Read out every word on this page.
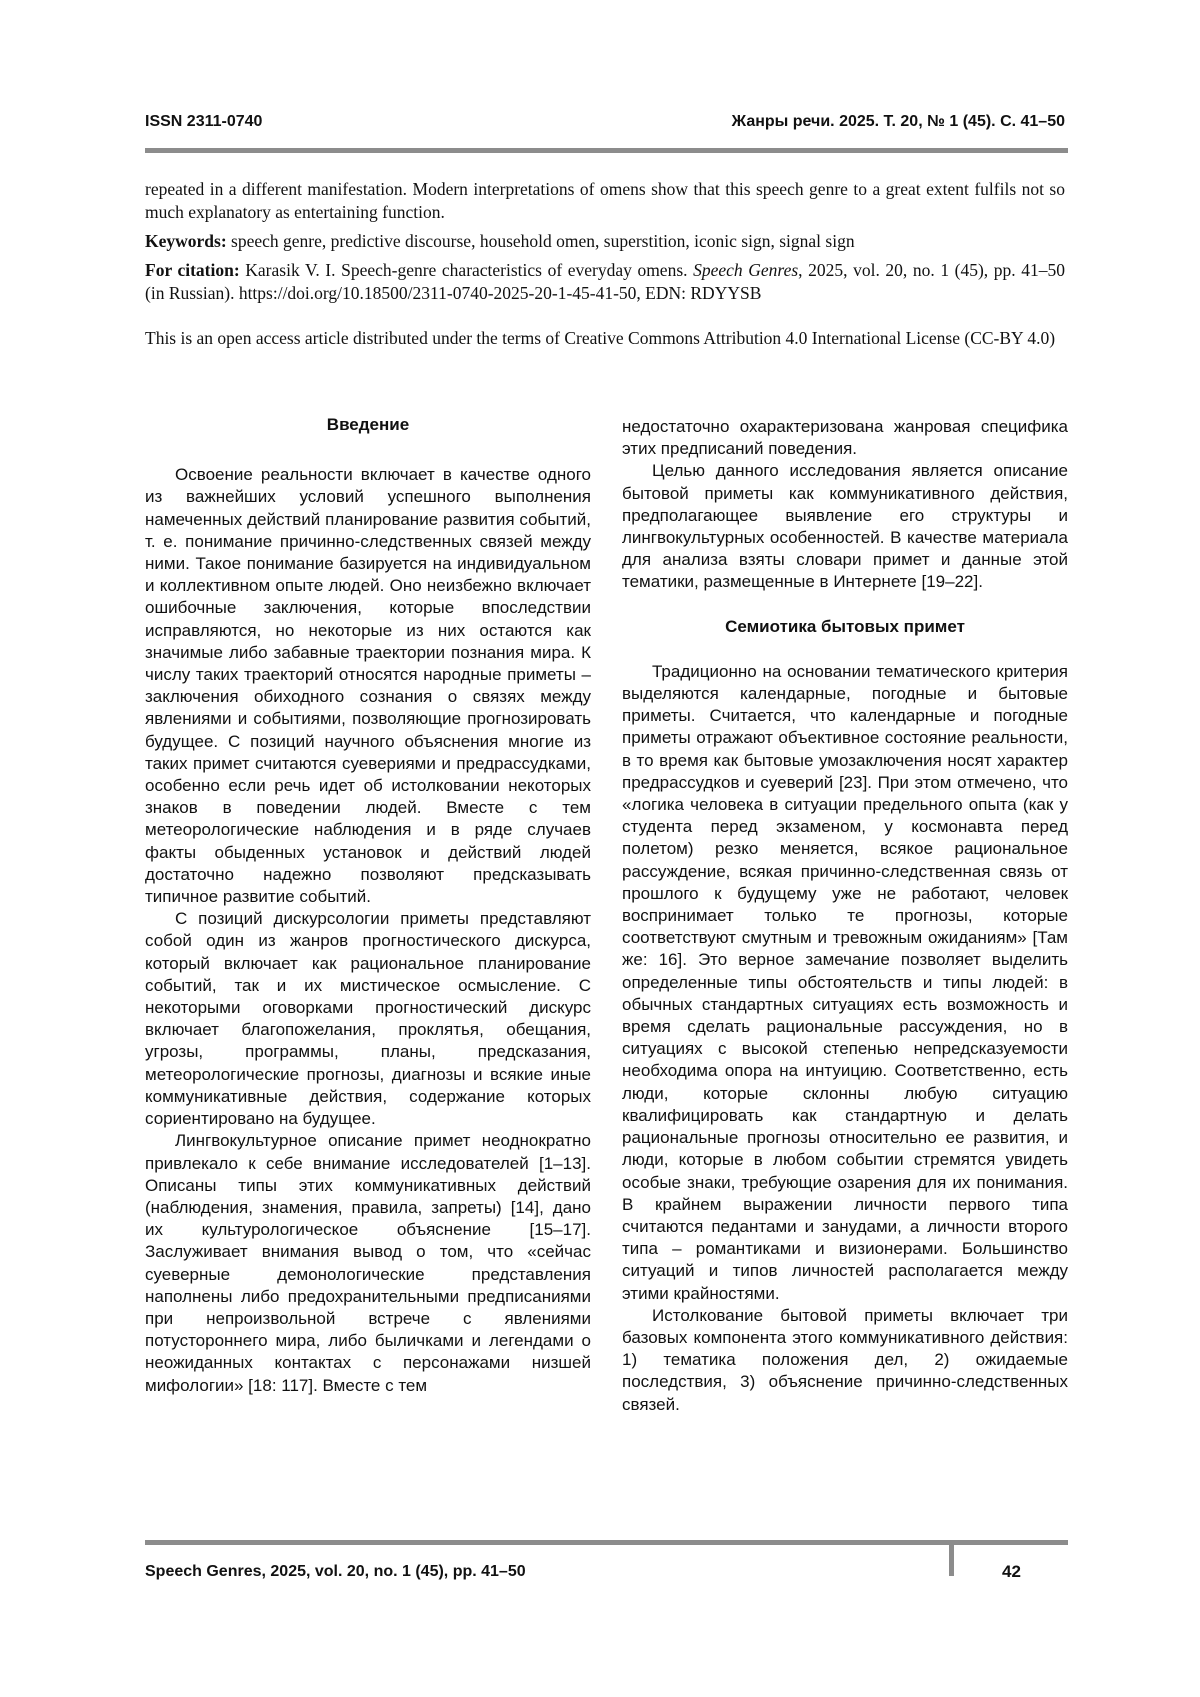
ISSN 2311-0740	Жанры речи. 2025. Т. 20, № 1 (45). С. 41–50

repeated in a different manifestation. Modern interpretations of omens show that this speech genre to a great extent fulfils not so much explanatory as entertaining function.

Keywords: speech genre, predictive discourse, household omen, superstition, iconic sign, signal sign

For citation: Karasik V. I. Speech-genre characteristics of everyday omens. Speech Genres, 2025, vol. 20, no. 1 (45), pp. 41–50 (in Russian). https://doi.org/10.18500/2311-0740-2025-20-1-45-41-50, EDN: RDYYSB

This is an open access article distributed under the terms of Creative Commons Attribution 4.0 International License (CC-BY 4.0)

Введение

Освоение реальности включает в качестве одного из важнейших условий успешного выполнения намеченных действий планирование развития событий, т. е. понимание причинно-следственных связей между ними. Такое понимание базируется на индивидуальном и коллективном опыте людей. Оно неизбежно включает ошибочные заключения, которые впоследствии исправляются, но некоторые из них остаются как значимые либо забавные траектории познания мира. К числу таких траекторий относятся народные приметы – заключения обиходного сознания о связях между явлениями и событиями, позволяющие прогнозировать будущее. С позиций научного объяснения многие из таких примет считаются суевериями и предрассудками, особенно если речь идет об истолковании некоторых знаков в поведении людей. Вместе с тем метеорологические наблюдения и в ряде случаев факты обыденных установок и действий людей достаточно надежно позволяют предсказывать типичное развитие событий.

С позиций дискурсологии приметы представляют собой один из жанров прогностического дискурса, который включает как рациональное планирование событий, так и их мистическое осмысление. С некоторыми оговорками прогностический дискурс включает благопожелания, проклятья, обещания, угрозы, программы, планы, предсказания, метеорологические прогнозы, диагнозы и всякие иные коммуникативные действия, содержание которых сориентировано на будущее.

Лингвокультурное описание примет неоднократно привлекало к себе внимание исследователей [1–13]. Описаны типы этих коммуникативных действий (наблюдения, знамения, правила, запреты) [14], дано их культурологическое объяснение [15–17]. Заслуживает внимания вывод о том, что «сейчас суеверные демонологические представления наполнены либо предохранительными предписаниями при непроизвольной встрече с явлениями потустороннего мира, либо быличками и легендами о неожиданных контактах с персонажами низшей мифологии» [18: 117]. Вместе с тем

недостаточно охарактеризована жанровая специфика этих предписаний поведения.

Целью данного исследования является описание бытовой приметы как коммуникативного действия, предполагающее выявление его структуры и лингвокультурных особенностей. В качестве материала для анализа взяты словари примет и данные этой тематики, размещенные в Интернете [19–22].

Семиотика бытовых примет

Традиционно на основании тематического критерия выделяются календарные, погодные и бытовые приметы. Считается, что календарные и погодные приметы отражают объективное состояние реальности, в то время как бытовые умозаключения носят характер предрассудков и суеверий [23]. При этом отмечено, что «логика человека в ситуации предельного опыта (как у студента перед экзаменом, у космонавта перед полетом) резко меняется, всякое рациональное рассуждение, всякая причинно-следственная связь от прошлого к будущему уже не работают, человек воспринимает только те прогнозы, которые соответствуют смутным и тревожным ожиданиям» [Там же: 16]. Это верное замечание позволяет выделить определенные типы обстоятельств и типы людей: в обычных стандартных ситуациях есть возможность и время сделать рациональные рассуждения, но в ситуациях с высокой степенью непредсказуемости необходима опора на интуицию. Соответственно, есть люди, которые склонны любую ситуацию квалифицировать как стандартную и делать рациональные прогнозы относительно ее развития, и люди, которые в любом событии стремятся увидеть особые знаки, требующие озарения для их понимания. В крайнем выражении личности первого типа считаются педантами и занудами, а личности второго типа – романтиками и визионерами. Большинство ситуаций и типов личностей располагается между этими крайностями.

Истолкование бытовой приметы включает три базовых компонента этого коммуникативного действия: 1) тематика положения дел, 2) ожидаемые последствия, 3) объяснение причинно-следственных связей.

Speech Genres, 2025, vol. 20, no. 1 (45), pp. 41–50	42
